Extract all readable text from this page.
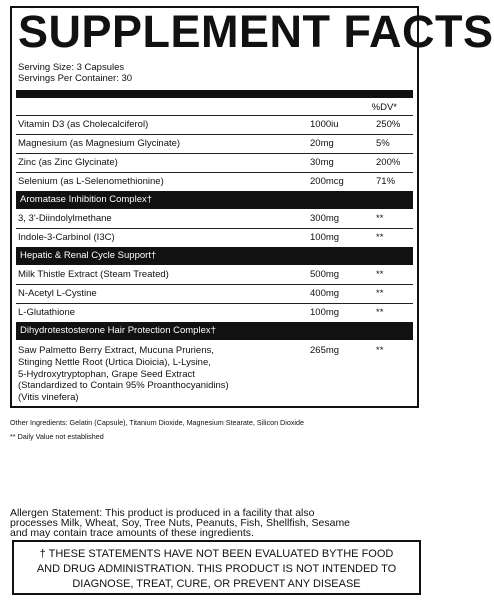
SUPPLEMENT FACTS
Serving Size: 3 Capsules
Servings Per Container: 30
%DV*
Vitamin D3 (as Cholecalciferol)	1000iu	250%
Magnesium (as Magnesium Glycinate)	20mg	5%
Zinc (as Zinc Glycinate)	30mg	200%
Selenium (as L-Selenomethionine)	200mcg	71%
Aromatase Inhibition Complex†
3, 3'-Diindolylmethane	300mg	**
Indole-3-Carbinol (I3C)	100mg	**
Hepatic & Renal Cycle Support†
Milk Thistle Extract (Steam Treated)	500mg	**
N-Acetyl L-Cystine	400mg	**
L-Glutathione	100mg	**
Dihydrotestosterone Hair Protection Complex†
Saw Palmetto Berry Extract, Mucuna Pruriens,
Stinging Nettle Root (Urtica Dioicia), L-Lysine,
5-Hydroxytryptophan, Grape Seed Extract
(Standardized to Contain 95% Proanthocyanidins)
(Vitis vinefera)
265mg	**
Other Ingredients: Gelatin (Capsule), Titanium Dioxide, Magnesium Stearate, Silicon Dioxide
** Daily Value not established
Allergen Statement: This product is produced in a facility that also
processes Milk, Wheat, Soy, Tree Nuts, Peanuts, Fish, Shellfish, Sesame
and may contain trace amounts of these ingredients.
† THESE STATEMENTS HAVE NOT BEEN EVALUATED BYTHE FOOD
AND DRUG ADMINISTRATION. THIS PRODUCT IS NOT INTENDED TO
DIAGNOSE, TREAT, CURE, OR PREVENT ANY DISEASE
